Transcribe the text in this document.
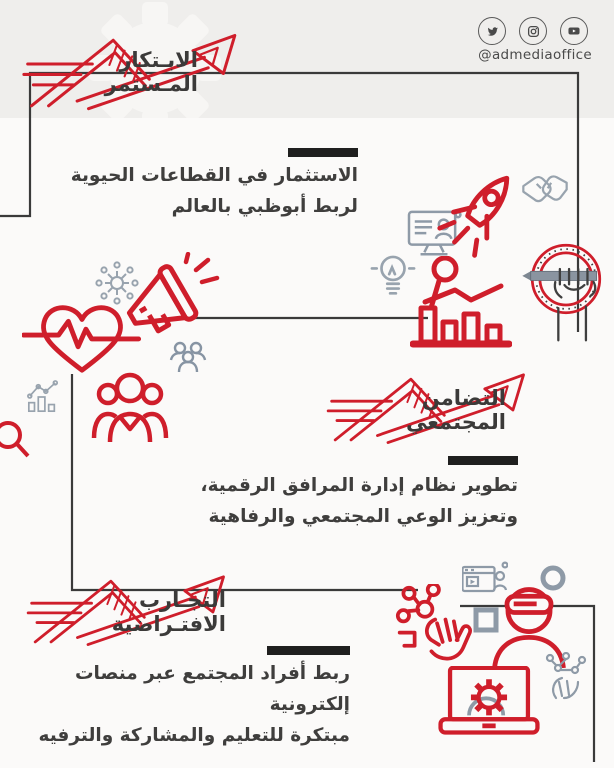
@admediaoffice
الابـتكار
المـستمر
الاستثمار في القطاعات الحيوية
لربط أبوظبي بالعالم
التضامن
المجتمعي
تطوير نظام إدارة المرافق الرقمية،
وتعزيز الوعي المجتمعي والرفاهية
التجـارب
الافتـراضية
ربط أفراد المجتمع عبر منصات إلكترونية
مبتكرة للتعليم والمشاركة والترفيه
